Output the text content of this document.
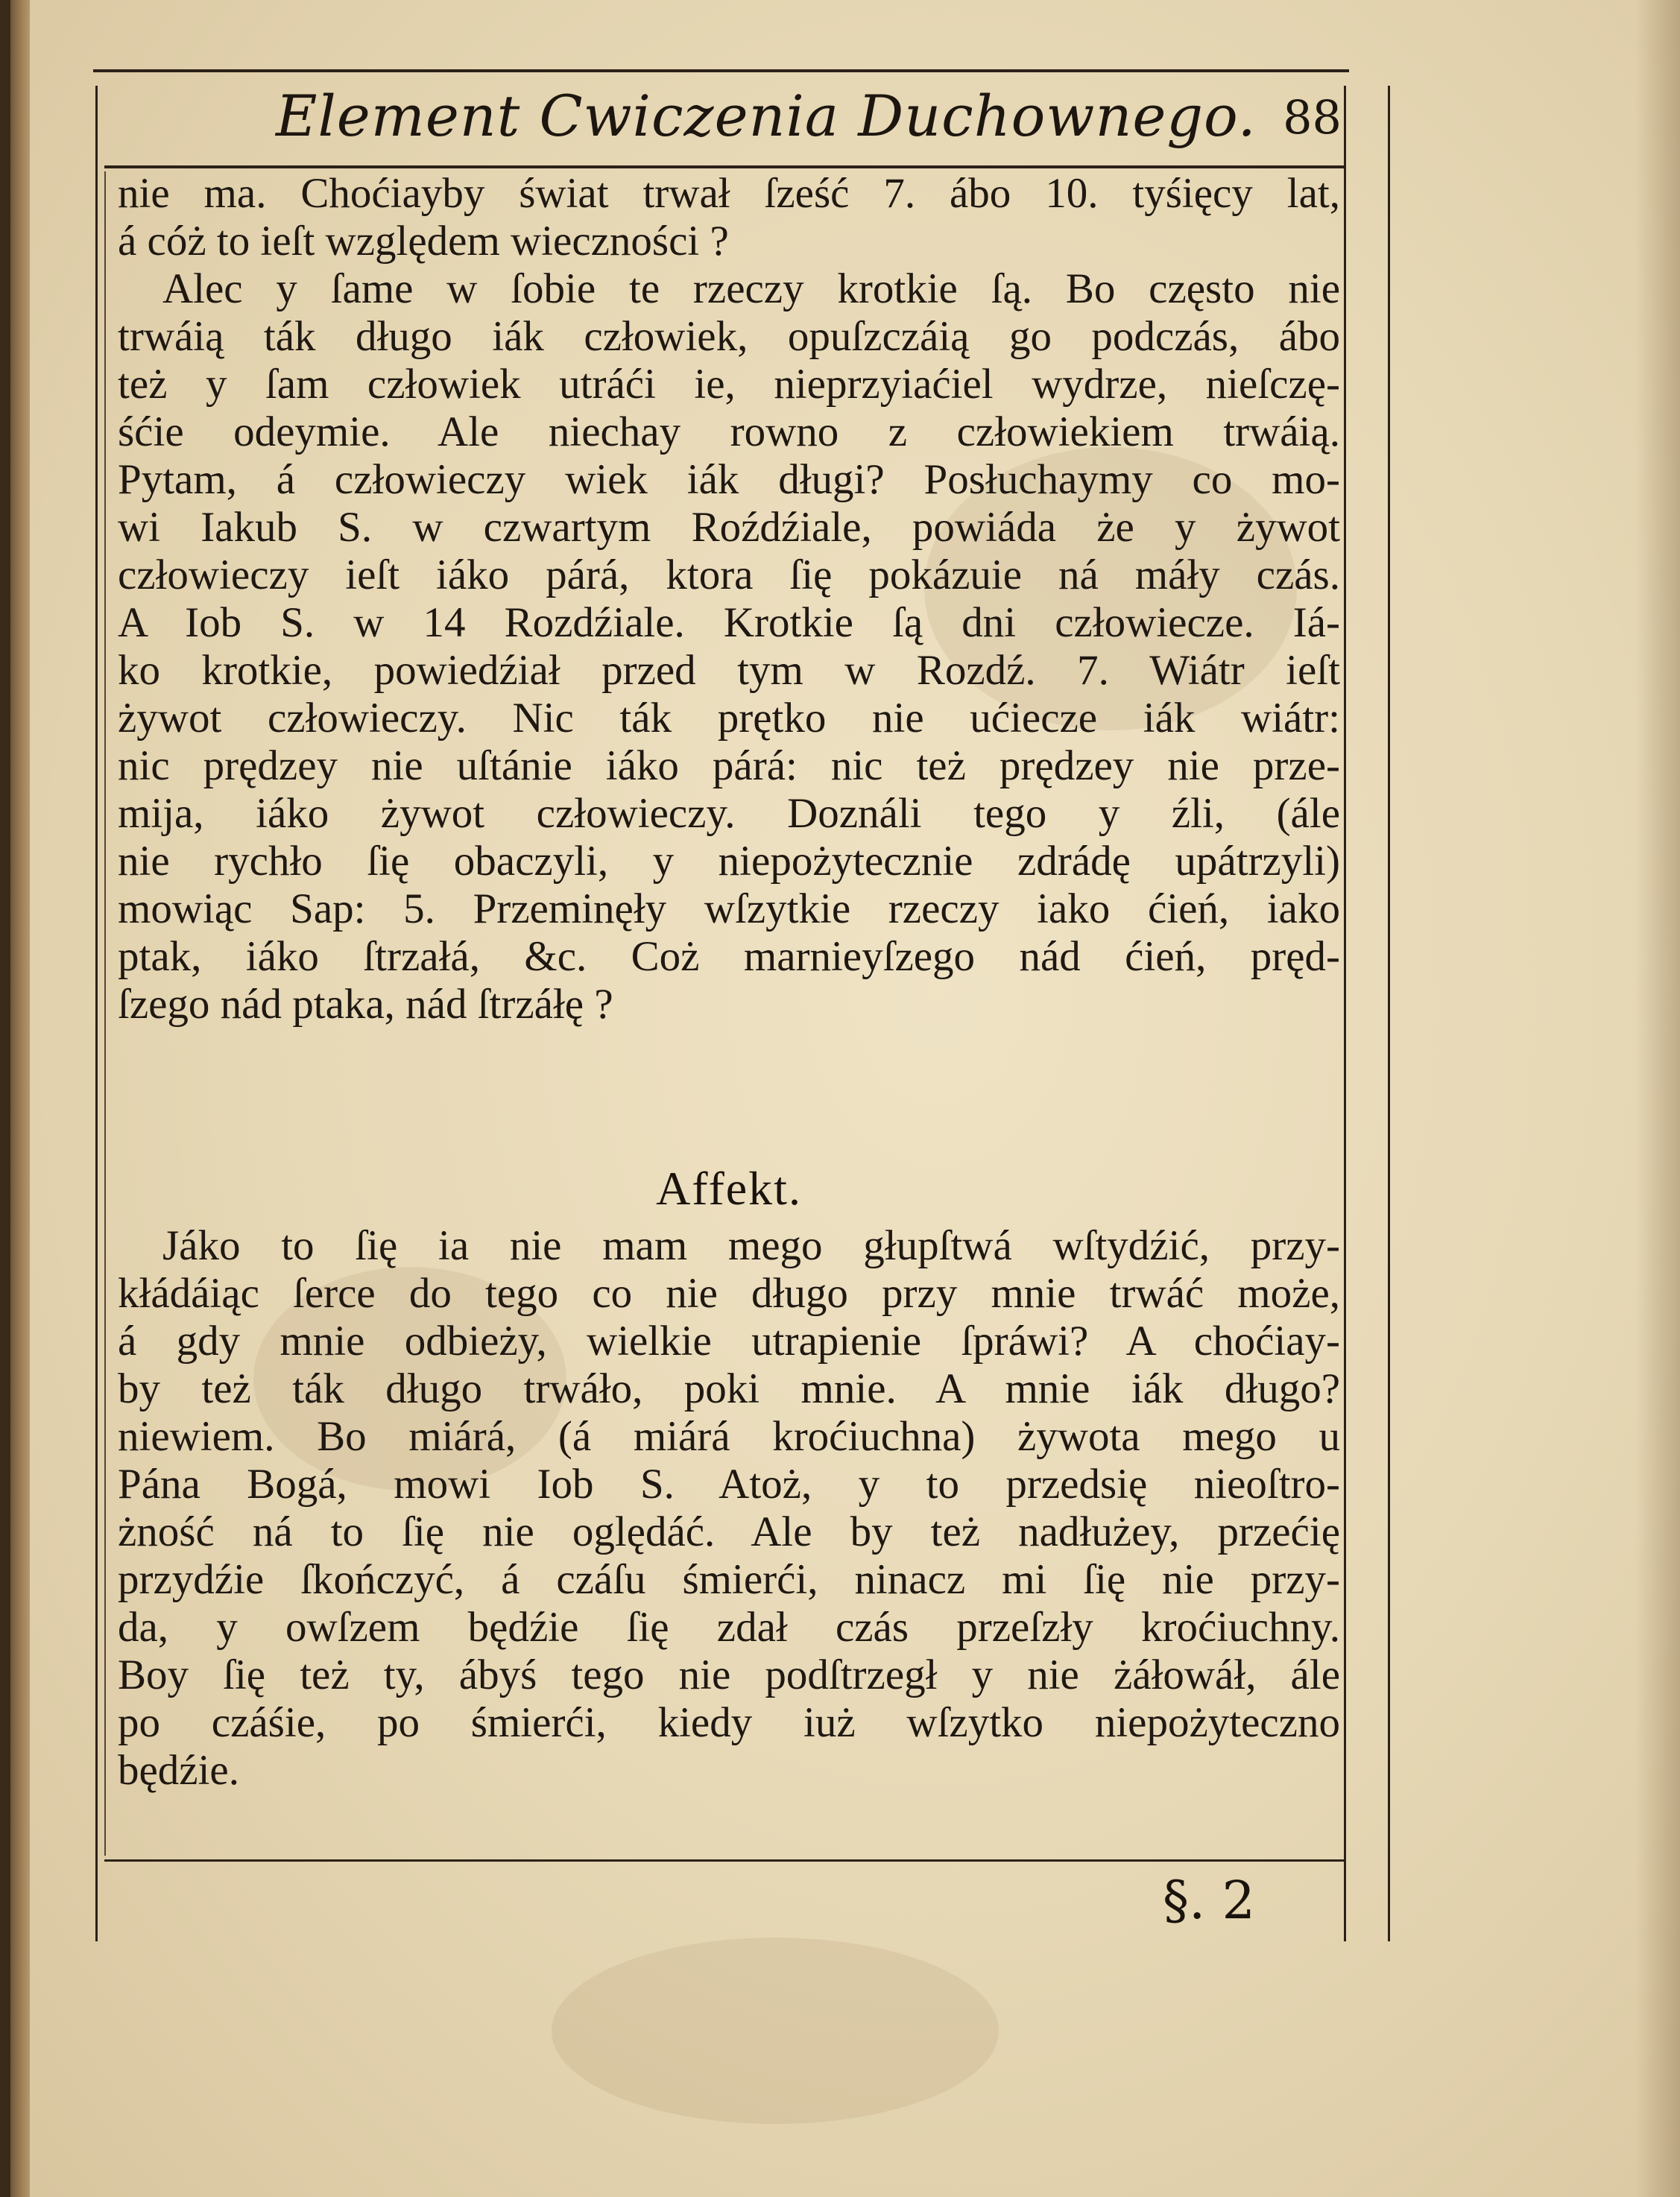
Element Cwiczenia Duchownego. 88
nie ma. Choćiayby świat trwał ſześć 7. ábo 10. tyśięcy lat,
á cóż to ieſt względem wieczności ?
Alec y ſame w ſobie te rzeczy krotkie ſą. Bo często nie
trwáią ták długo iák człowiek, opuſzczáią go podczás, ábo
też y ſam człowiek utráći ie, nieprzyiaćiel wydrze, nieſczę-
śćie odeymie. Ale niechay rowno z człowiekiem trwáią.
Pytam, á człowieczy wiek iák długi? Posłuchaymy co mo-
wi Iakub S. w czwartym Roźdźiale, powiáda że y żywot
człowieczy ieſt iáko párá, ktora ſię pokázuie ná máły czás.
A Iob S. w 14 Rozdźiale. Krotkie ſą dni człowiecze. Iá-
ko krotkie, powiedźiał przed tym w Rozdź. 7. Wiátr ieſt
żywot człowieczy. Nic ták prętko nie ućiecze iák wiátr:
nic prędzey nie uſtánie iáko párá: nic też prędzey nie prze-
mija, iáko żywot człowieczy. Doználi tego y źli, (ále
nie rychło ſię obaczyli, y niepożytecznie zdrádę upátrzyli)
mowiąc Sap: 5. Przeminęły wſzytkie rzeczy iako ćień, iako
ptak, iáko ſtrzałá, &c. Coż marnieyſzego nád ćień, pręd-
ſzego nád ptaka, nád ſtrzáłę ?
Affekt.
Jáko to ſię ia nie mam mego głupſtwá wſtydźić, przy-
kłádáiąc ſerce do tego co nie długo przy mnie trwáć może,
á gdy mnie odbieży, wielkie utrapienie ſpráwi? A choćiay-
by też ták długo trwáło, poki mnie. A mnie iák długo?
niewiem. Bo miárá, (á miárá krоćiuchna) żywota mego u
Pána Bogá, mowi Iob S. Atoż, y to przedsię nieoſtro-
żność ná to ſię nie oględáć. Ale by też nadłużey, przećię
przydźie ſkończyć, á czáſu śmierći, ninacz mi ſię nie przy-
da, y owſzem będźie ſię zdał czás przeſzły krоćiuchny.
Boy ſię też ty, ábyś tego nie podſtrzegł y nie żáłowáł, ále
po czáśie, po śmierći, kiedy iuż wſzytko niepożyteczno
będźie.
§. 2
